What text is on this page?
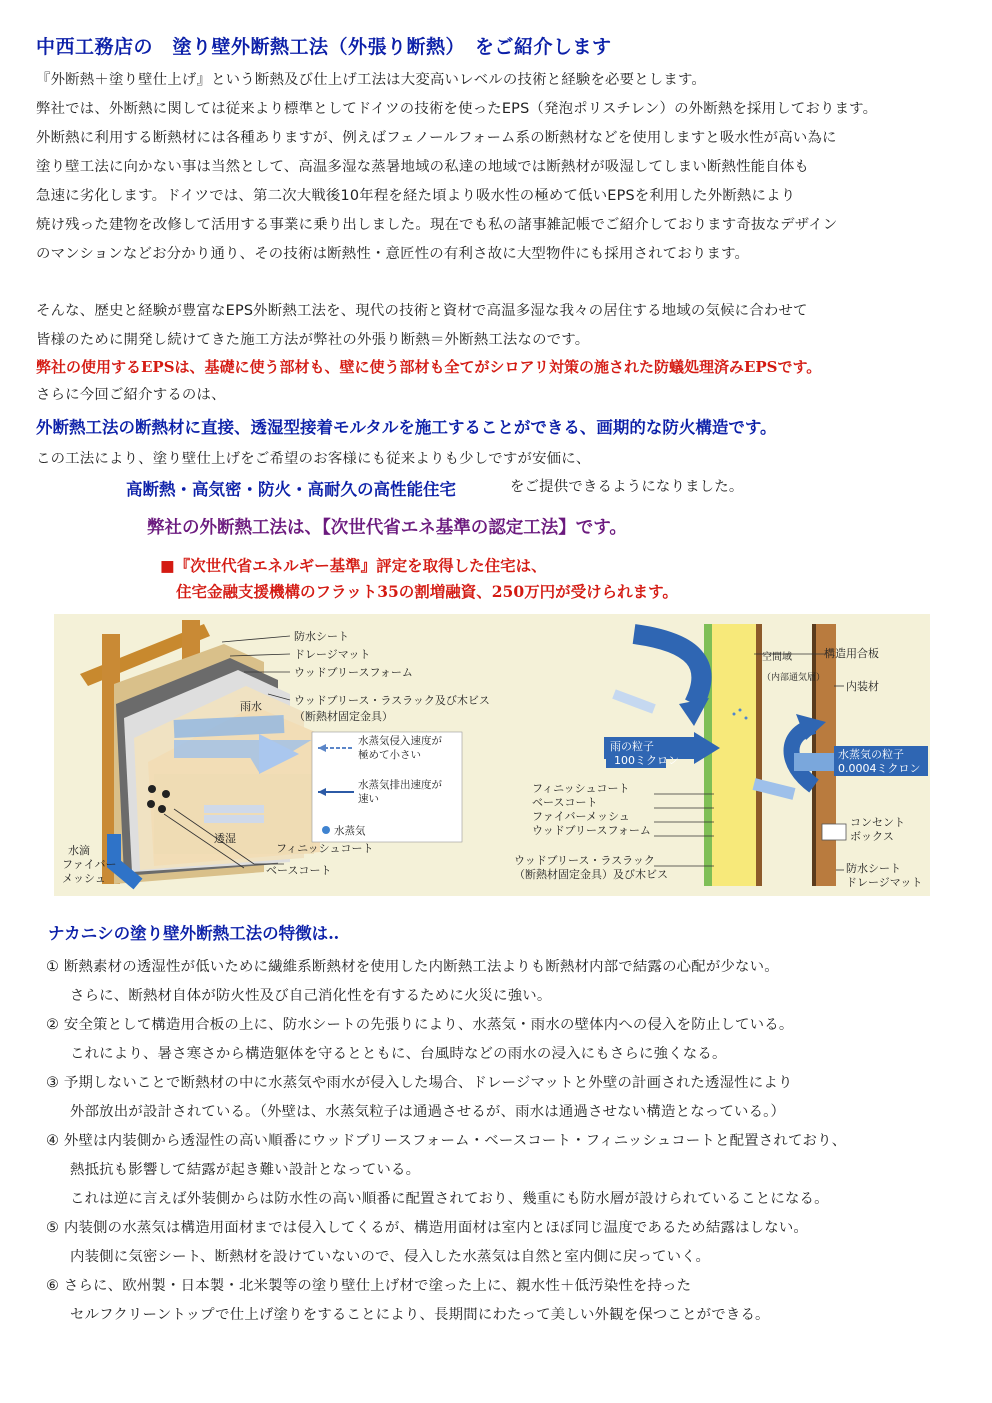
中西工務店の　塗り壁外断熱工法（外張り断熱）　をご紹介します
『外断熱＋塗り壁仕上げ』という断熱及び仕上げ工法は大変高いレベルの技術と経験を必要とします。
弊社では、外断熱に関しては従来より標準としてドイツの技術を使ったEPS（発泡ポリスチレン）の外断熱を採用しております。
外断熱に利用する断熱材には各種ありますが、例えばフェノールフォーム系の断熱材などを使用しますと吸水性が高い為に
塗り壁工法に向かない事は当然として、高温多湿な蒸暑地域の私達の地域では断熱材が吸湿してしまい断熱性能自体も
急速に劣化します。ドイツでは、第二次大戦後10年程を経た頃より吸水性の極めて低いEPSを利用した外断熱により
焼け残った建物を改修して活用する事業に乗り出しました。現在でも私の諸事雑記帳でご紹介しております奇抜なデザイン
のマンションなどお分かり通り、その技術は断熱性・意匠性の有利さ故に大型物件にも採用されております。
そんな、歴史と経験が豊富なEPS外断熱工法を、現代の技術と資材で高温多湿な我々の居住する地域の気候に合わせて
皆様のために開発し続けてきた施工方法が弊社の外張り断熱＝外断熱工法なのです。
弊社の使用するEPSは、基礎に使う部材も、壁に使う部材も全てがシロアリ対策の施された防蟻処理済みEPSです。
さらに今回ご紹介するのは、
外断熱工法の断熱材に直接、透湿型接着モルタルを施工することができる、画期的な防火構造です。
この工法により、塗り壁仕上げをご希望のお客様にも従来よりも少しですが安価に、
高断熱・高気密・防火・高耐久の高性能住宅	をご提供できるようになりました。
弊社の外断熱工法は、【次世代省エネ基準の認定工法】です。
■『次世代省エネルギー基準』評定を取得した住宅は、
住宅金融支援機構のフラット35の割増融資、250万円が受けられます。
防水シート
ドレージマット
ウッドブリースフォーム
ウッドブリース・ラスラック及び木ビス
（断熱材固定金具）
雨水
透湿
水滴
ファイバー
メッシュ
フィニッシュコート
ベースコート
水蒸気侵入速度が
極めて小さい
水蒸気排出速度が
速い
水蒸気
構造用合板
内装材
空間域
（内部通気層）
雨の粒子
100ミクロン	水蒸気の粒子
0.0004ミクロン
フィニッシュコート
ベースコート
ファイバーメッシュ
ウッドブリースフォーム
ウッドブリース・ラスラック
（断熱材固定金具）及び木ビス
コンセント
ボックス
防水シート
ドレージマット
ナカニシの塗り壁外断熱工法の特徴は‥
① 断熱素材の透湿性が低いために繊維系断熱材を使用した内断熱工法よりも断熱材内部で結露の心配が少ない。
さらに、断熱材自体が防火性及び自己消化性を有するために火災に強い。
② 安全策として構造用合板の上に、防水シートの先張りにより、水蒸気・雨水の壁体内への侵入を防止している。
これにより、暑さ寒さから構造躯体を守るとともに、台風時などの雨水の浸入にもさらに強くなる。
③ 予期しないことで断熱材の中に水蒸気や雨水が侵入した場合、ドレージマットと外壁の計画された透湿性により
外部放出が設計されている。（外壁は、水蒸気粒子は通過させるが、雨水は通過させない構造となっている。）
④ 外壁は内装側から透湿性の高い順番にウッドブリースフォーム・ベースコート・フィニッシュコートと配置されており、
熱抵抗も影響して結露が起き難い設計となっている。
これは逆に言えば外装側からは防水性の高い順番に配置されており、幾重にも防水層が設けられていることになる。
⑤ 内装側の水蒸気は構造用面材までは侵入してくるが、構造用面材は室内とほぼ同じ温度であるため結露はしない。
内装側に気密シート、断熱材を設けていないので、侵入した水蒸気は自然と室内側に戻っていく。
⑥ さらに、欧州製・日本製・北米製等の塗り壁仕上げ材で塗った上に、親水性＋低汚染性を持った
セルフクリーントップで仕上げ塗りをすることにより、長期間にわたって美しい外観を保つことができる。
